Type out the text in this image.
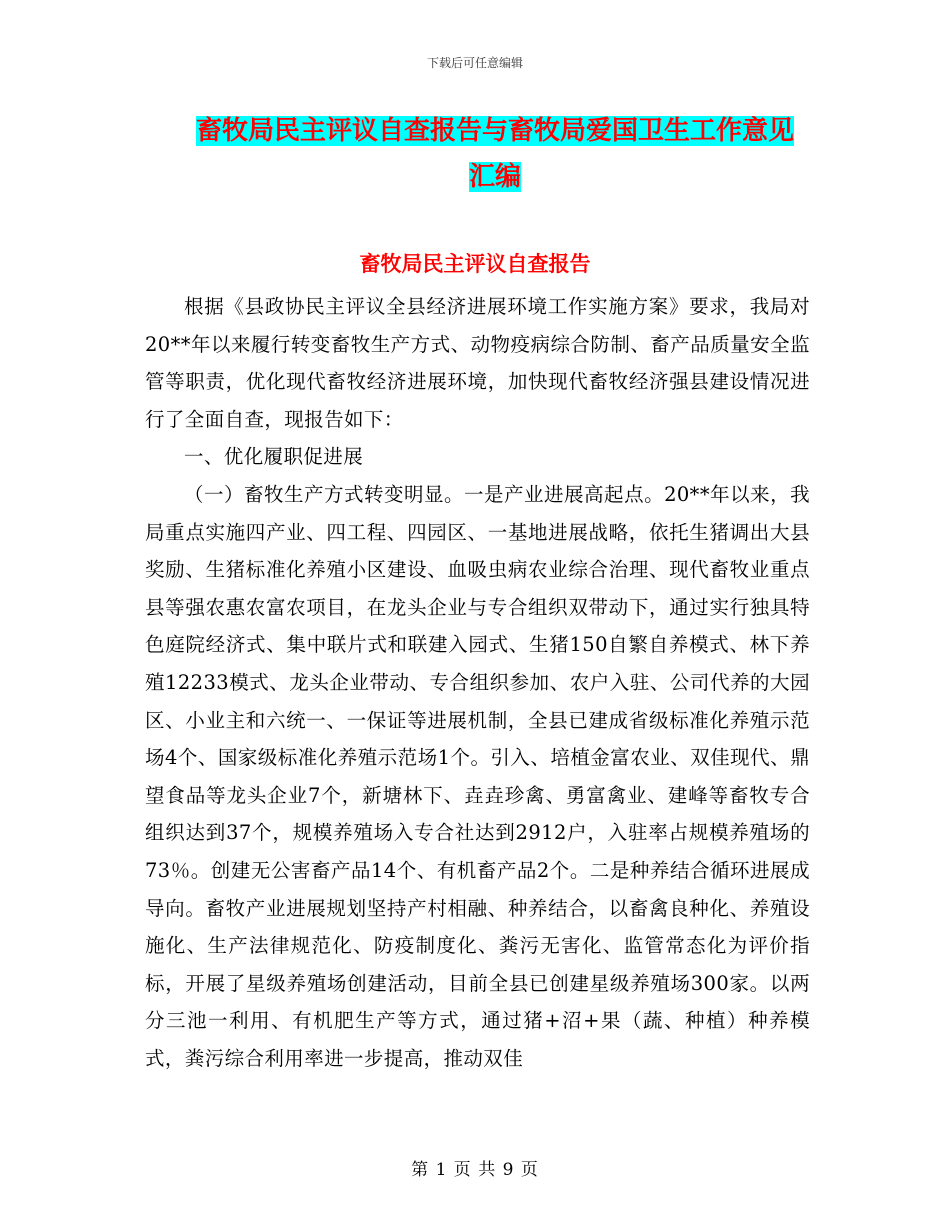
下载后可任意编辑
畜牧局民主评议自查报告与畜牧局爱国卫生工作意见
汇编
畜牧局民主评议自查报告

根据《县政协民主评议全县经济进展环境工作实施方案》要求，我局对20**年以来履行转变畜牧生产方式、动物疫病综合防制、畜产品质量安全监管等职责，优化现代畜牧经济进展环境，加快现代畜牧经济强县建设情况进行了全面自查，现报告如下：

一、优化履职促进展

（一）畜牧生产方式转变明显。一是产业进展高起点。20**年以来，我局重点实施四产业、四工程、四园区、一基地进展战略，依托生猪调出大县奖励、生猪标准化养殖小区建设、血吸虫病农业综合治理、现代畜牧业重点县等强农惠农富农项目，在龙头企业与专合组织双带动下，通过实行独具特色庭院经济式、集中联片式和联建入园式、生猪150自繁自养模式、林下养殖12233模式、龙头企业带动、专合组织参加、农户入驻、公司代养的大园区、小业主和六统一、一保证等进展机制，全县已建成省级标准化养殖示范场4个、国家级标准化养殖示范场1个。引入、培植金富农业、双佳现代、鼎望食品等龙头企业7个，新塘林下、垚垚珍禽、勇富禽业、建峰等畜牧专合组织达到37个，规模养殖场入专合社达到2912户，入驻率占规模养殖场的73％。创建无公害畜产品14个、有机畜产品2个。二是种养结合循环进展成导向。畜牧产业进展规划坚持产村相融、种养结合，以畜禽良种化、养殖设施化、生产法律规范化、防疫制度化、粪污无害化、监管常态化为评价指标，开展了星级养殖场创建活动，目前全县已创建星级养殖场300家。以两分三池一利用、有机肥生产等方式，通过猪+沼+果（蔬、种植）种养模式，粪污综合利用率进一步提高，推动双佳

第 1 页 共 9 页
